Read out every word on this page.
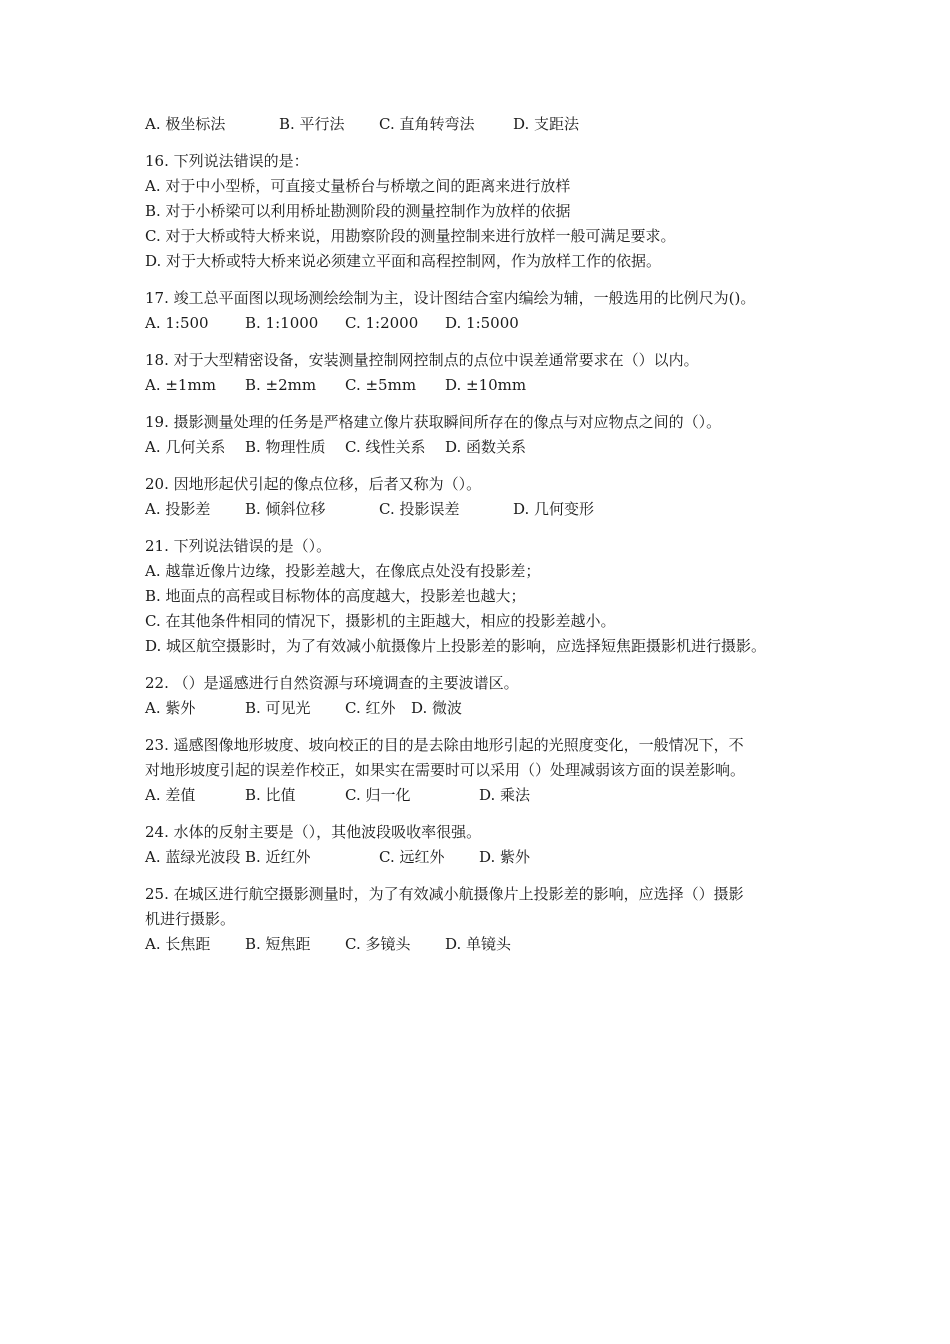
A. 极坐标法	B. 平行法 C. 直角转弯法	D. 支距法
16. 下列说法错误的是：
A. 对于中小型桥，可直接丈量桥台与桥墩之间的距离来进行放样
B. 对于小桥梁可以利用桥址勘测阶段的测量控制作为放样的依据
C. 对于大桥或特大桥来说，用勘察阶段的测量控制来进行放样一般可满足要求。
D. 对于大桥或特大桥来说必须建立平面和高程控制网，作为放样工作的依据。
17. 竣工总平面图以现场测绘绘制为主，设计图结合室内编绘为辅，一般选用的比例尺为()。
A. 1:500 B. 1:1000 C. 1:2000 D. 1:5000
18. 对于大型精密设备，安装测量控制网控制点的点位中误差通常要求在（）以内。
A. ±1mm B. ±2mm C. ±5mm D. ±10mm
19. 摄影测量处理的任务是严格建立像片获取瞬间所存在的像点与对应物点之间的（）。
A. 几何关系 B. 物理性质 C. 线性关系 D. 函数关系
20. 因地形起伏引起的像点位移，后者又称为（）。
A. 投影差 B. 倾斜位移	C. 投影误差	D. 几何变形
21. 下列说法错误的是（）。
A. 越靠近像片边缘，投影差越大，在像底点处没有投影差；
B. 地面点的高程或目标物体的高度越大，投影差也越大；
C. 在其他条件相同的情况下，摄影机的主距越大，相应的投影差越小。
D. 城区航空摄影时，为了有效减小航摄像片上投影差的影响，应选择短焦距摄影机进行摄影。
22. （）是遥感进行自然资源与环境调查的主要波谱区。
A. 紫外	B. 可见光 C. 红外 D. 微波
23. 遥感图像地形坡度、坡向校正的目的是去除由地形引起的光照度变化，一般情况下，不
对地形坡度引起的误差作校正，如果实在需要时可以采用（）处理减弱该方面的误差影响。
A. 差值	B. 比值	C. 归一化	D. 乘法
24. 水体的反射主要是（），其他波段吸收率很强。
A. 蓝绿光波段 B. 近红外	C. 远红外 D. 紫外
25. 在城区进行航空摄影测量时，为了有效减小航摄像片上投影差的影响，应选择（）摄影
机进行摄影。
A. 长焦距 B. 短焦距 C. 多镜头 D. 单镜头
